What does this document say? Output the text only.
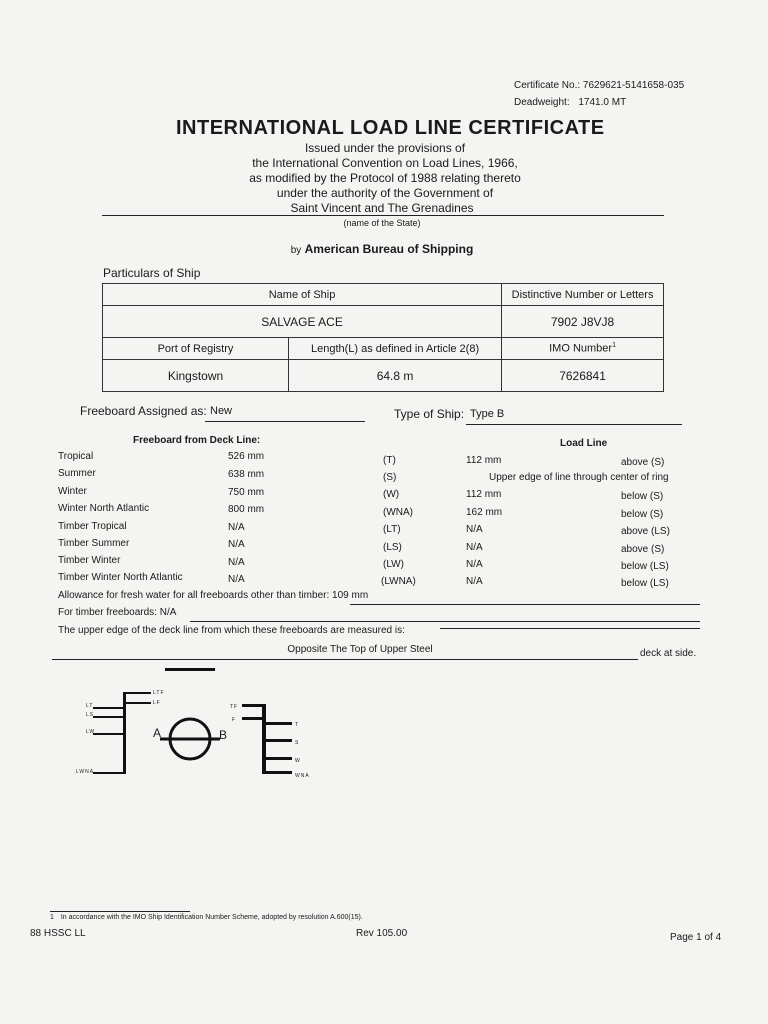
Certificate No.: 7629621-5141658-035
Deadweight: 1741.0 MT
INTERNATIONAL LOAD LINE CERTIFICATE
Issued under the provisions of
the International Convention on Load Lines, 1966,
as modified by the Protocol of 1988 relating thereto
under the authority of the Government of
Saint Vincent and The Grenadines
(name of the State)
by American Bureau of Shipping
Particulars of Ship
Name of Ship		Distinctive Number or Letters
SALVAGE ACE		7902 J8VJ8
Port of Registry	Length(L) as defined in Article 2(8)	IMO Number$^1$
Kingstown	64.8 m	7626841
Freeboard Assigned as: New	Type of Ship: Type B
Freeboard from Deck Line:	Load Line
Tropical	526 mm	(T)	112 mm	above (S)
Summer	638 mm	(S)	Upper edge of line through center of ring
Winter	750 mm	(W)	112 mm	below (S)
Winter North Atlantic	800 mm	(WNA)	162 mm	below (S)
Timber Tropical	N/A	(LT)	N/A	above (LS)
Timber Summer	N/A	(LS)	N/A	above (S)
Timber Winter	N/A	(LW)	N/A	below (LS)
Timber Winter North Atlantic	N/A	(LWNA)	N/A	below (LS)
Allowance for fresh water for all freeboards other than timber: 109 mm
For timber freeboards: N/A
The upper edge of the deck line from which these freeboards are measured is:
Opposite The Top of Upper Steel	deck at side.
LT
LS
LW
LWNA
LTF
LF
A	B
TF
F
T
S
W
WNA
1 In accordance with the IMO Ship Identification Number Scheme, adopted by resolution A.600(15).
88 HSSC LL	Rev 105.00	Page 1 of 4
